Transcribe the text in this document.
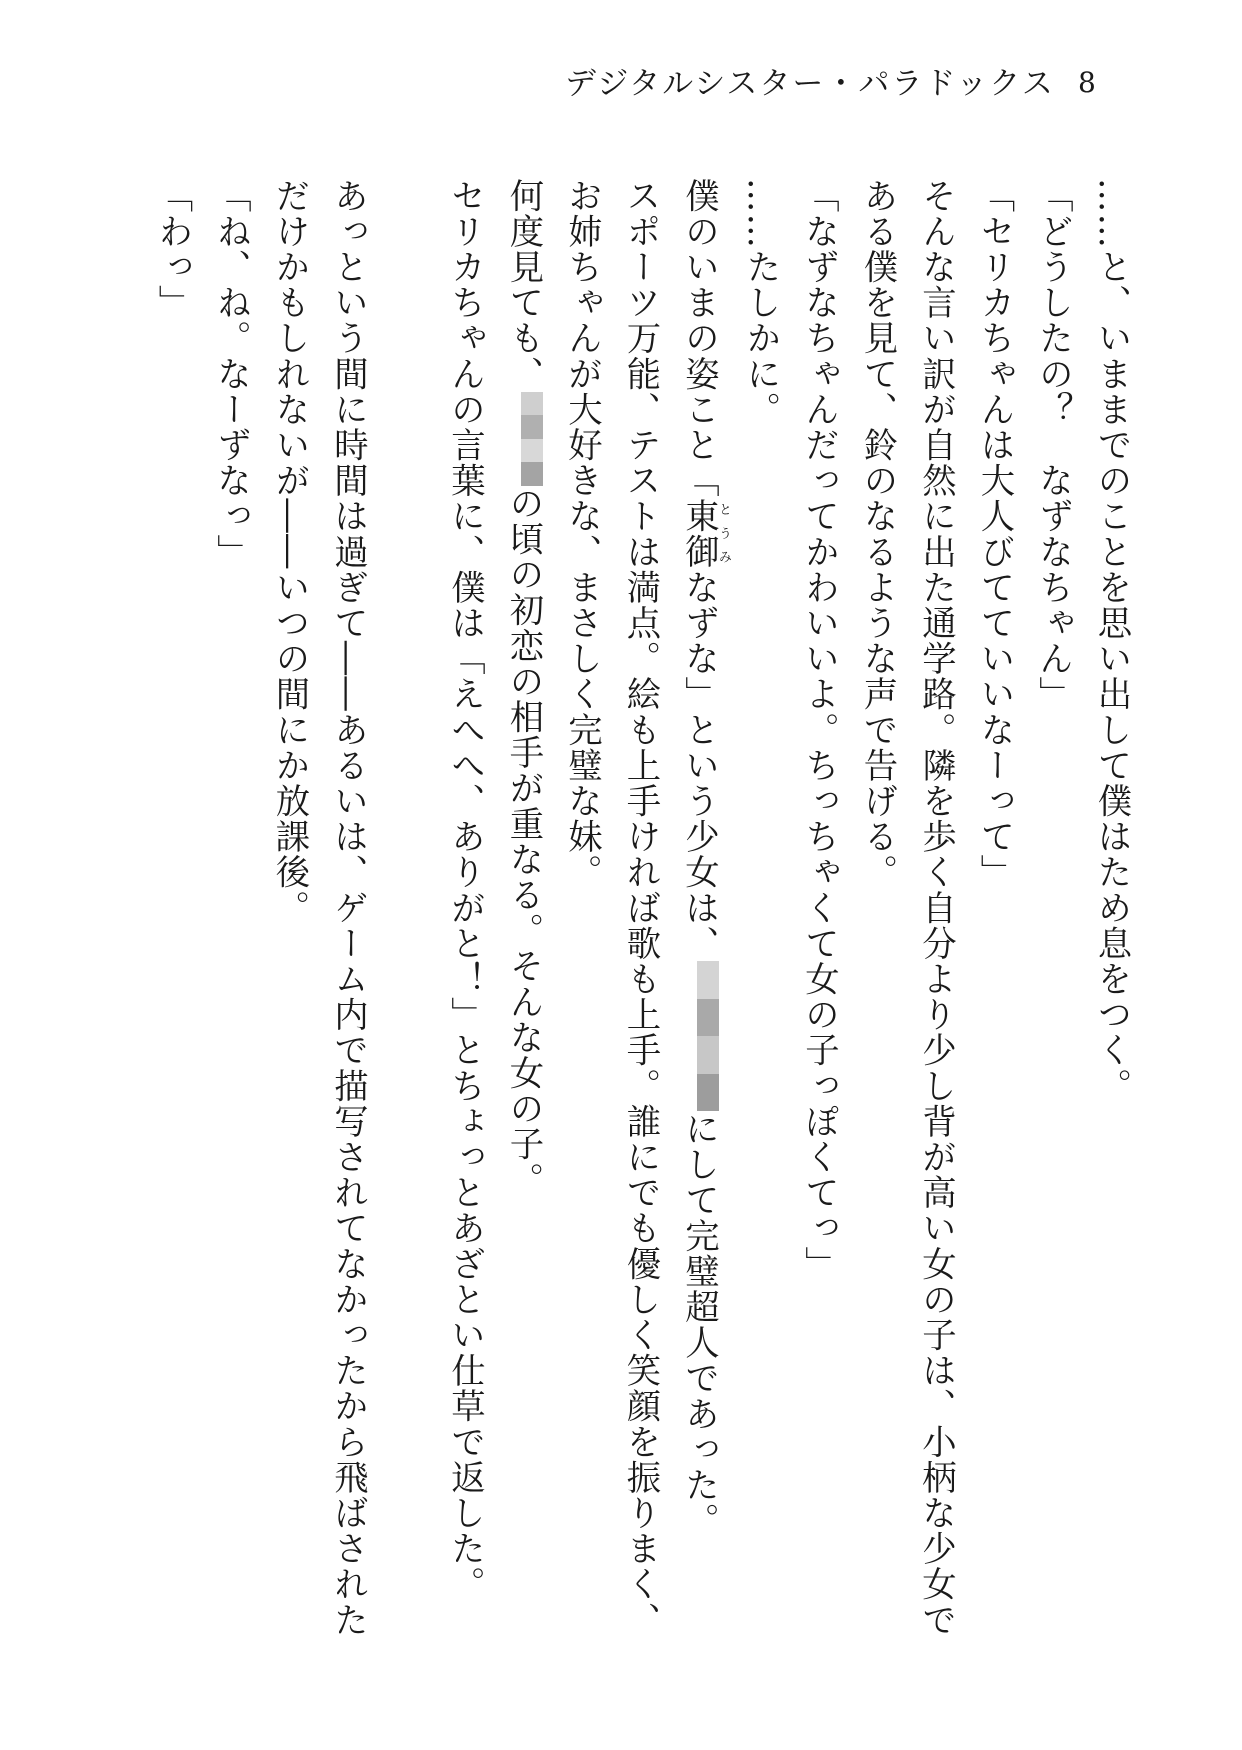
デジタルシスター・パラドックス 8

……と、いままでのことを思い出して僕はため息をつく。

「どうしたの？　なずなちゃん」

「セリカちゃんは大人びてていいなーって」

そんな言い訳が自然に出た通学路。隣を歩く自分より少し背が高い女の子は、小柄な少女で

ある僕を見て、鈴のなるような声で告げる。

「なずなちゃんだってかわいいよ。ちっちゃくて女の子っぽくてっ」

……たしかに。

僕のいまの姿こと「東御とうみなずな」という少女は、
にして完璧超人であった。

スポーツ万能、テストは満点。絵も上手ければ歌も上手。誰にでも優しく笑顔を振りまく、

お姉ちゃんが大好きな、まさしく完璧な妹。

何度見ても、
の頃の初恋の相手が重なる。そんな女の子。

セリカちゃんの言葉に、僕は「えへへ、ありがと！」とちょっとあざとい仕草で返した。

あっという間に時間は過ぎて――あるいは、ゲーム内で描写されてなかったから飛ばされた

だけかもしれないが――いつの間にか放課後。

「ね、ね。なーずなっ」

「わっ」
